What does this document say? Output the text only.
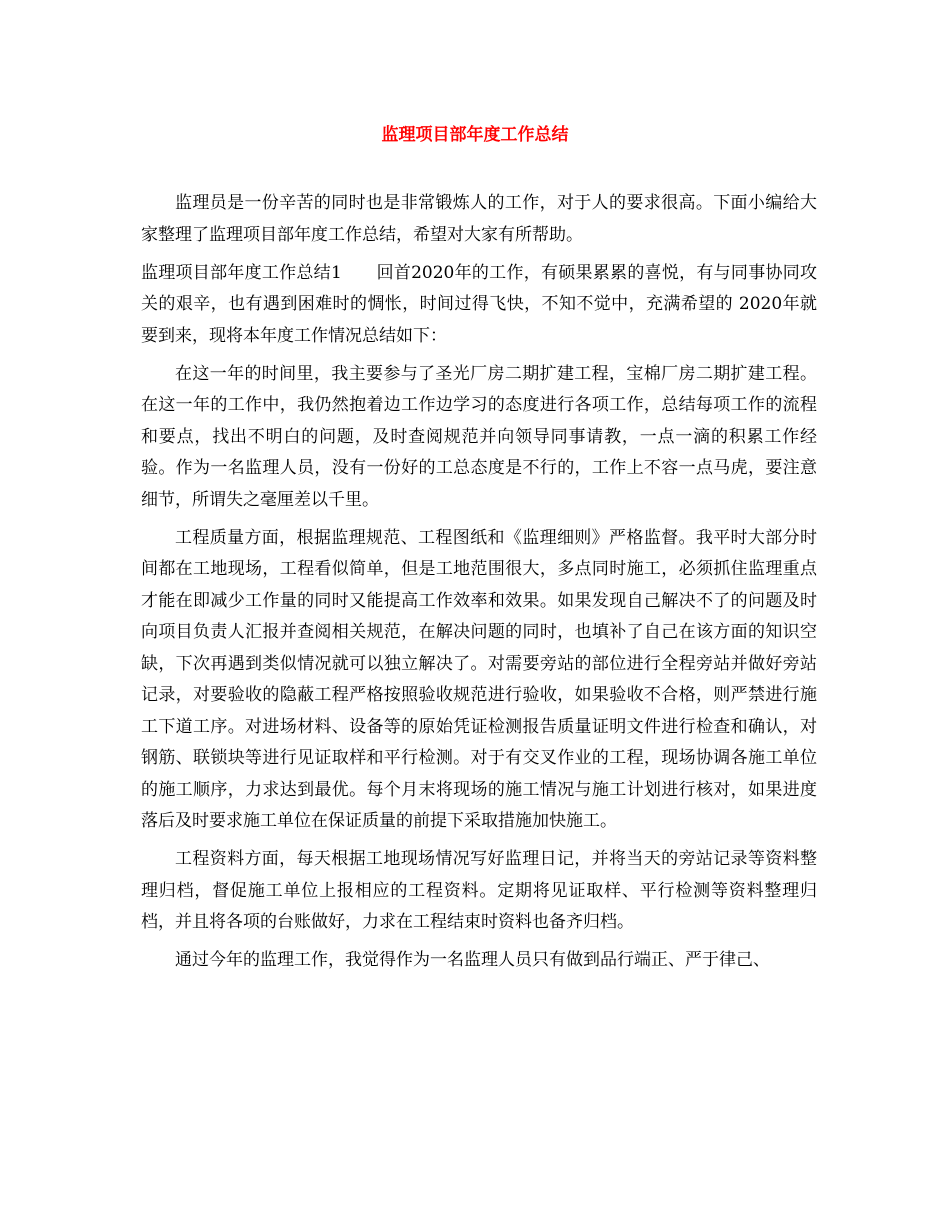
监理项目部年度工作总结

监理员是一份辛苦的同时也是非常锻炼人的工作，对于人的要求很高。下面小编给大家整理了监理项目部年度工作总结，希望对大家有所帮助。

监理项目部年度工作总结1　　回首2020年的工作，有硕果累累的喜悦，有与同事协同攻关的艰辛，也有遇到困难时的惆怅，时间过得飞快，不知不觉中，充满希望的 2020年就要到来，现将本年度工作情况总结如下：

在这一年的时间里，我主要参与了圣光厂房二期扩建工程，宝棉厂房二期扩建工程。在这一年的工作中，我仍然抱着边工作边学习的态度进行各项工作，总结每项工作的流程和要点，找出不明白的问题，及时查阅规范并向领导同事请教，一点一滴的积累工作经验。作为一名监理人员，没有一份好的工总态度是不行的，工作上不容一点马虎，要注意细节，所谓失之毫厘差以千里。

工程质量方面，根据监理规范、工程图纸和《监理细则》严格监督。我平时大部分时间都在工地现场，工程看似简单，但是工地范围很大，多点同时施工，必须抓住监理重点才能在即减少工作量的同时又能提高工作效率和效果。如果发现自己解决不了的问题及时向项目负责人汇报并查阅相关规范，在解决问题的同时，也填补了自己在该方面的知识空缺，下次再遇到类似情况就可以独立解决了。对需要旁站的部位进行全程旁站并做好旁站记录，对要验收的隐蔽工程严格按照验收规范进行验收，如果验收不合格，则严禁进行施工下道工序。对进场材料、设备等的原始凭证检测报告质量证明文件进行检查和确认，对钢筋、联锁块等进行见证取样和平行检测。对于有交叉作业的工程，现场协调各施工单位的施工顺序，力求达到最优。每个月末将现场的施工情况与施工计划进行核对，如果进度落后及时要求施工单位在保证质量的前提下采取措施加快施工。

工程资料方面，每天根据工地现场情况写好监理日记，并将当天的旁站记录等资料整理归档，督促施工单位上报相应的工程资料。定期将见证取样、平行检测等资料整理归档，并且将各项的台账做好，力求在工程结束时资料也备齐归档。

通过今年的监理工作，我觉得作为一名监理人员只有做到品行端正、严于律己、
